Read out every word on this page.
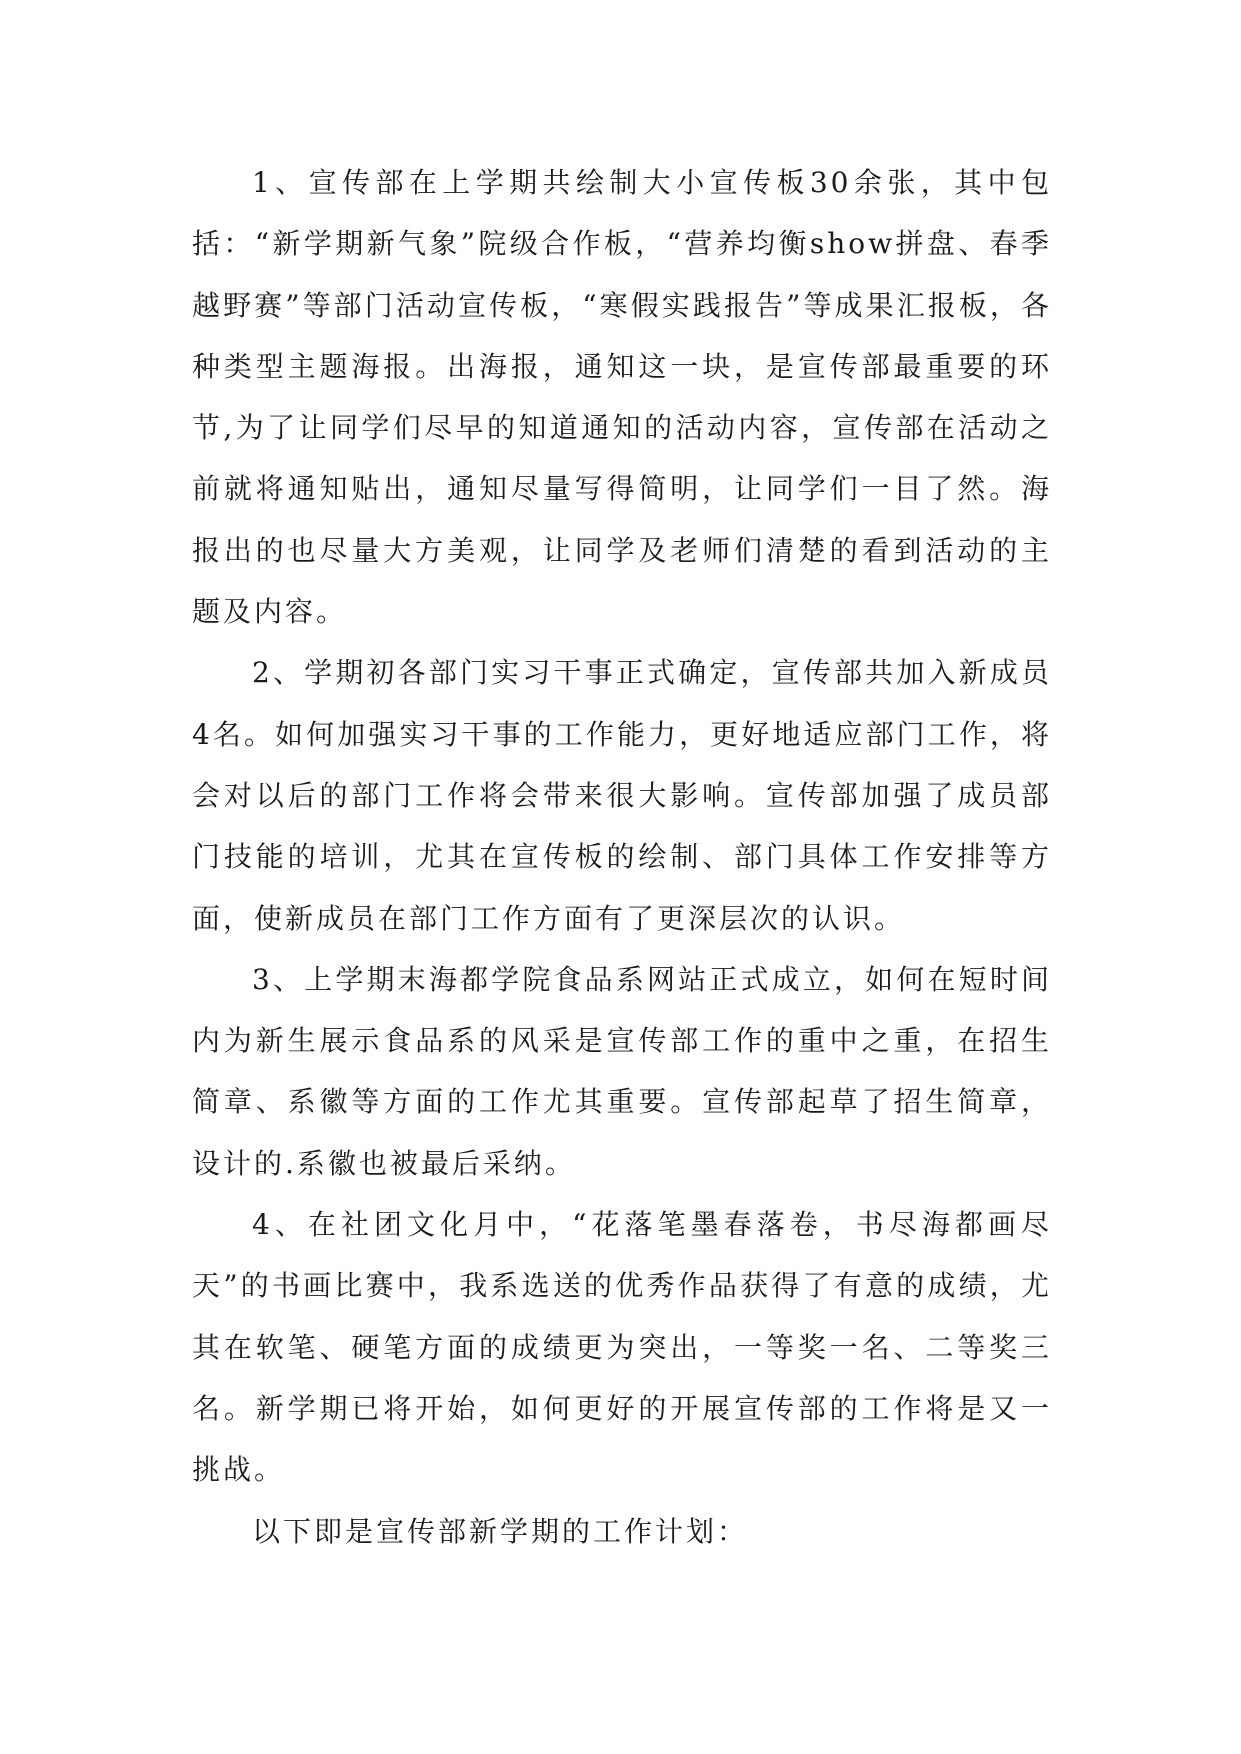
1、宣传部在上学期共绘制大小宣传板30余张，其中包括：“新学期新气象”院级合作板，“营养均衡show拼盘、春季越野赛”等部门活动宣传板，“寒假实践报告”等成果汇报板，各种类型主题海报。出海报，通知这一块，是宣传部最重要的环节,为了让同学们尽早的知道通知的活动内容，宣传部在活动之前就将通知贴出，通知尽量写得简明，让同学们一目了然。海报出的也尽量大方美观，让同学及老师们清楚的看到活动的主题及内容。

2、学期初各部门实习干事正式确定，宣传部共加入新成员4名。如何加强实习干事的工作能力，更好地适应部门工作，将会对以后的部门工作将会带来很大影响。宣传部加强了成员部门技能的培训，尤其在宣传板的绘制、部门具体工作安排等方面，使新成员在部门工作方面有了更深层次的认识。

3、上学期末海都学院食品系网站正式成立，如何在短时间内为新生展示食品系的风采是宣传部工作的重中之重，在招生简章、系徽等方面的工作尤其重要。宣传部起草了招生简章，设计的.系徽也被最后采纳。

4、在社团文化月中，“花落笔墨春落卷，书尽海都画尽天”的书画比赛中，我系选送的优秀作品获得了有意的成绩，尤其在软笔、硬笔方面的成绩更为突出，一等奖一名、二等奖三名。新学期已将开始，如何更好的开展宣传部的工作将是又一挑战。

以下即是宣传部新学期的工作计划：
